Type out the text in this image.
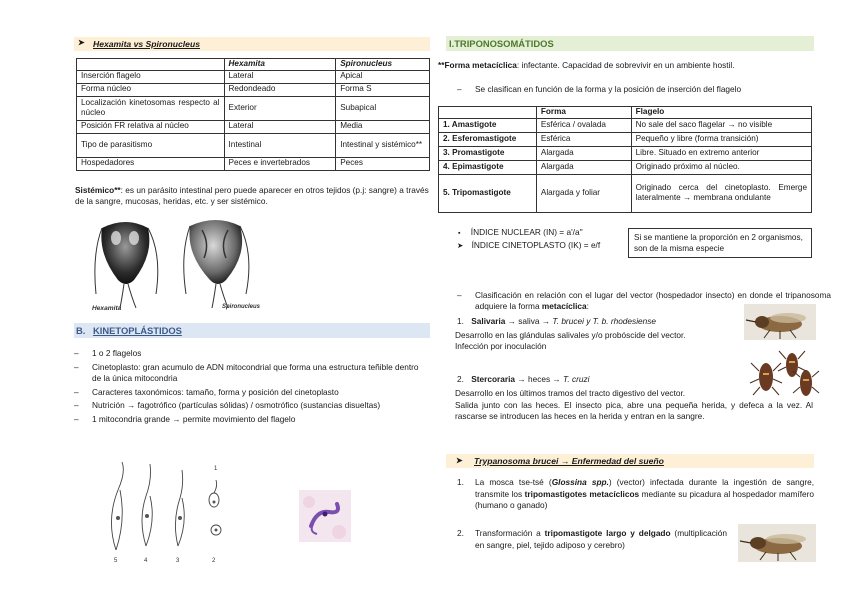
➤ Hexamita vs Spironucleus
	Hexamita	Spironucleus
Inserción flagelo	Lateral	Apical
Forma núcleo	Redondeado	Forma S
Localización kinetosomas respecto al núcleo	Exterior	Subapical
Posición FR relativa al núcleo	Lateral	Media
Tipo de parasitismo	Intestinal	Intestinal y sistémico**
Hospedadores	Peces e invertebrados	Peces
Sistémico**: es un parásito intestinal pero puede aparecer en otros tejidos (p.j: sangre) a través de la sangre, mucosas, heridas, etc. y ser sistémico.
Hexamita	Spironucleus
B. KINETOPLÁSTIDOS
– 1 o 2 flagelos
– Cinetoplasto: gran acumulo de ADN mitocondrial que forma una estructura teñible dentro de la única mitocondria
– Caracteres taxonómicos: tamaño, forma y posición del cinetoplasto
– Nutrición → fagotrófico (partículas sólidas) / osmotrófico (sustancias disueltas)
– 1 mitocondria grande → permite movimiento del flagelo
5	4	3	2
1
I.TRIPONOSOMÁTIDOS
**Forma metacíclica: infectante. Capacidad de sobrevivir en un ambiente hostil.
– Se clasifican en función de la forma y la posición de inserción del flagelo
	Forma	Flagelo
1. Amastigote	Esférica / ovalada	No sale del saco flagelar → no visible
2. Esferomastigote	Esférica	Pequeño y libre (forma transición)
3. Promastigote	Alargada	Libre. Situado en extremo anterior
4. Epimastigote	Alargada	Originado próximo al núcleo.
5. Tripomastigote	Alargada y foliar	Originado cerca del cinetoplasto. Emerge lateralmente → membrana ondulante
▪ ÍNDICE NUCLEAR (IN) = a'/a''
➤ ÍNDICE CINETOPLASTO (IK) = e/f
Si se mantiene la proporción en 2 organismos, son de la misma especie
– Clasificación en relación con el lugar del vector (hospedador insecto) en donde el tripanosoma adquiere la forma metacíclica:
1. Salivaria → saliva → T. brucei y T. b. rhodesiense
Desarrollo en las glándulas salivales y/o probóscide del vector.
Infección por inoculación
2. Stercoraria → heces → T. cruzi
Desarrollo en los últimos tramos del tracto digestivo del vector.
Salida junto con las heces. El insecto pica, abre una pequeña herida, y defeca a la vez. Al rascarse se introducen las heces en la herida y entran en la sangre.
➤ Trypanosoma brucei → Enfermedad del sueño
1. La mosca tse-tsé (Glossina spp.) (vector) infectada durante la ingestión de sangre, transmite los tripomastigotes metacíclicos mediante su picadura al hospedador mamífero (humano o ganado)
2. Transformación a tripomastigote largo y delgado (multiplicación en sangre, piel, tejido adiposo y cerebro)
